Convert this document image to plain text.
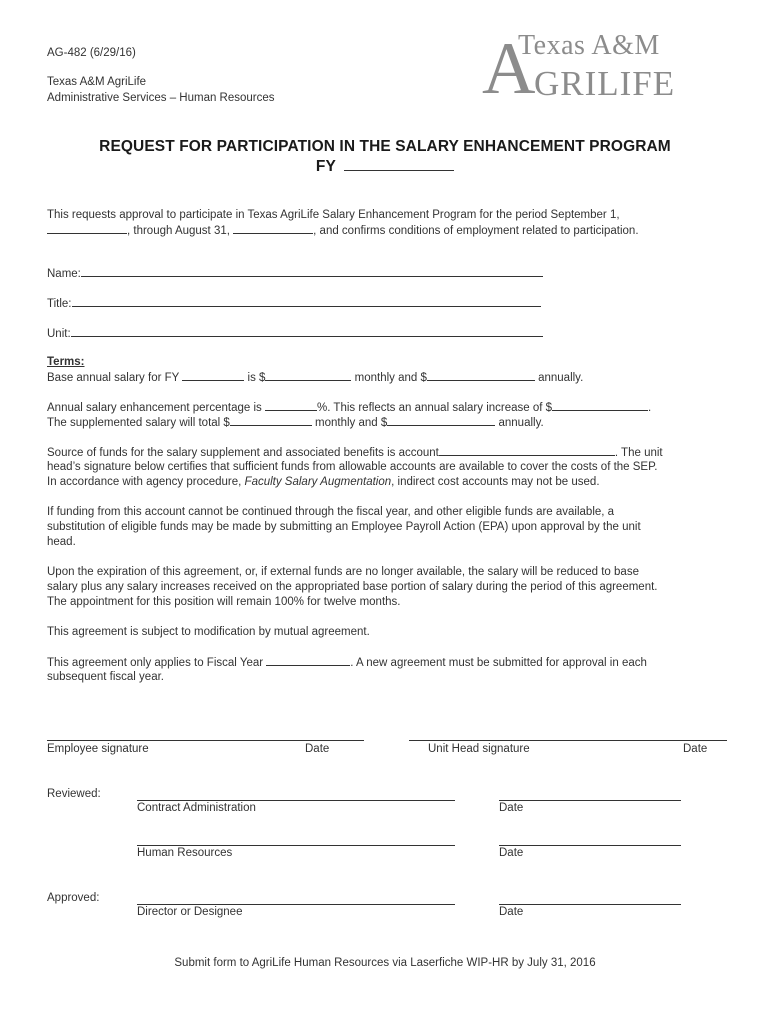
AG-482 (6/29/16)
Texas A&M AgriLife
Administrative Services – Human Resources	A
Texas A&M
GRILIFE
REQUEST FOR PARTICIPATION IN THE SALARY ENHANCEMENT PROGRAM
FY
This requests approval to participate in Texas AgriLife Salary Enhancement Program for the period September 1,
, through August 31,	, and confirms conditions of employment related to participation.
Name:
Title:
Unit:
Terms:
Base annual salary for FY	is $	monthly and $	annually.
Annual salary enhancement percentage is	%. This reflects an annual salary increase of $	.
The supplemented salary will total $	monthly and $	annually.
Source of funds for the salary supplement and associated benefits is account	. The unit
head’s signature below certifies that sufficient funds from allowable accounts are available to cover the costs of the SEP.
In accordance with agency procedure, Faculty Salary Augmentation, indirect cost accounts may not be used.
If funding from this account cannot be continued through the fiscal year, and other eligible funds are available, a
substitution of eligible funds may be made by submitting an Employee Payroll Action (EPA) upon approval by the unit
head.
Upon the expiration of this agreement, or, if external funds are no longer available, the salary will be reduced to base
salary plus any salary increases received on the appropriated base portion of salary during the period of this agreement.
The appointment for this position will remain 100% for twelve months.
This agreement is subject to modification by mutual agreement.
This agreement only applies to Fiscal Year	. A new agreement must be submitted for approval in each
subsequent fiscal year.
Employee signature	Date	Unit Head signature	Date
Reviewed:
Contract Administration	Date
Human Resources	Date
Approved:
Director or Designee	Date
Submit form to AgriLife Human Resources via Laserfiche WIP-HR by July 31, 2016
